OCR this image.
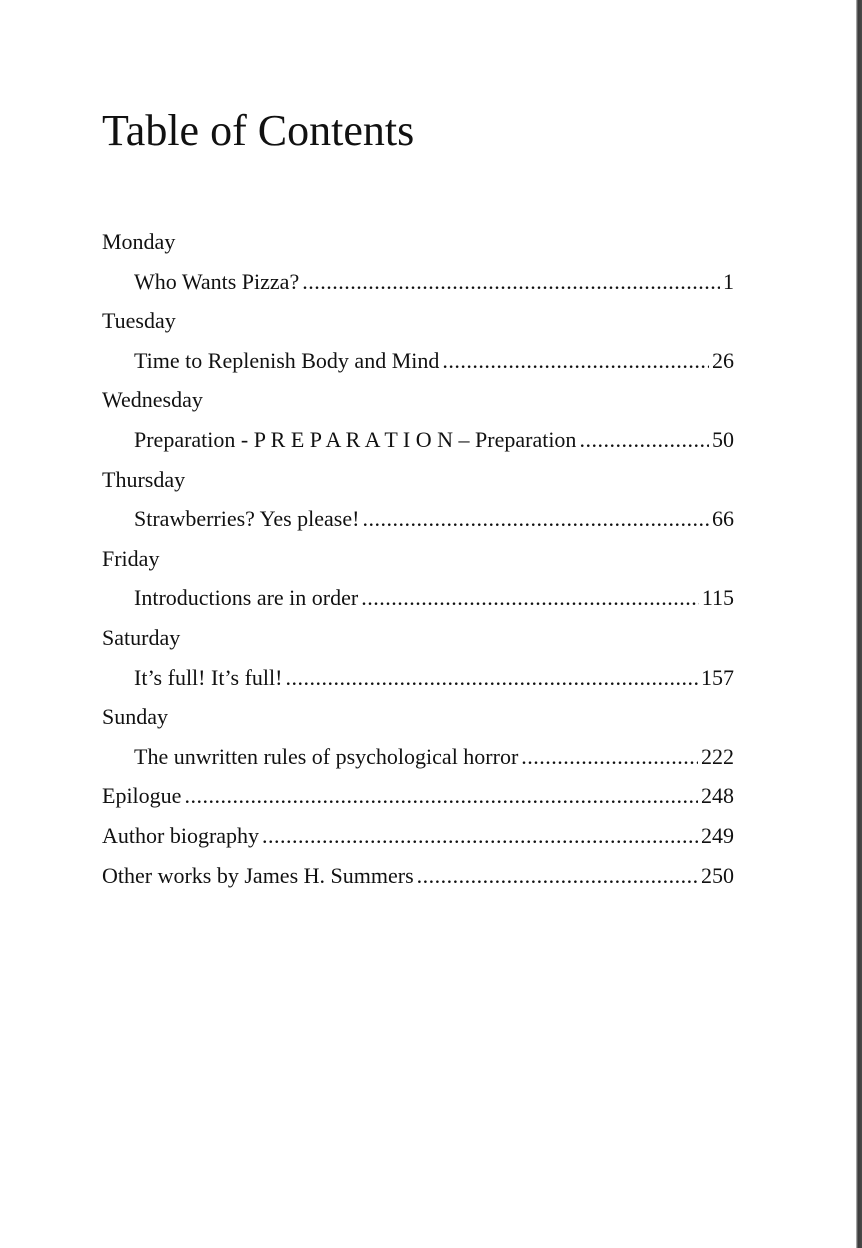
Table of Contents
Monday
Who Wants Pizza? .....	1
Tuesday
Time to Replenish Body and Mind .....	26
Wednesday
Preparation - P R E P A R A T I O N – Preparation .....	50
Thursday
Strawberries? Yes please! .....	66
Friday
Introductions are in order .....	115
Saturday
It’s full! It’s full! .....	157
Sunday
The unwritten rules of psychological horror .....	222
Epilogue .....	248
Author biography .....	249
Other works by James H. Summers .....	250
